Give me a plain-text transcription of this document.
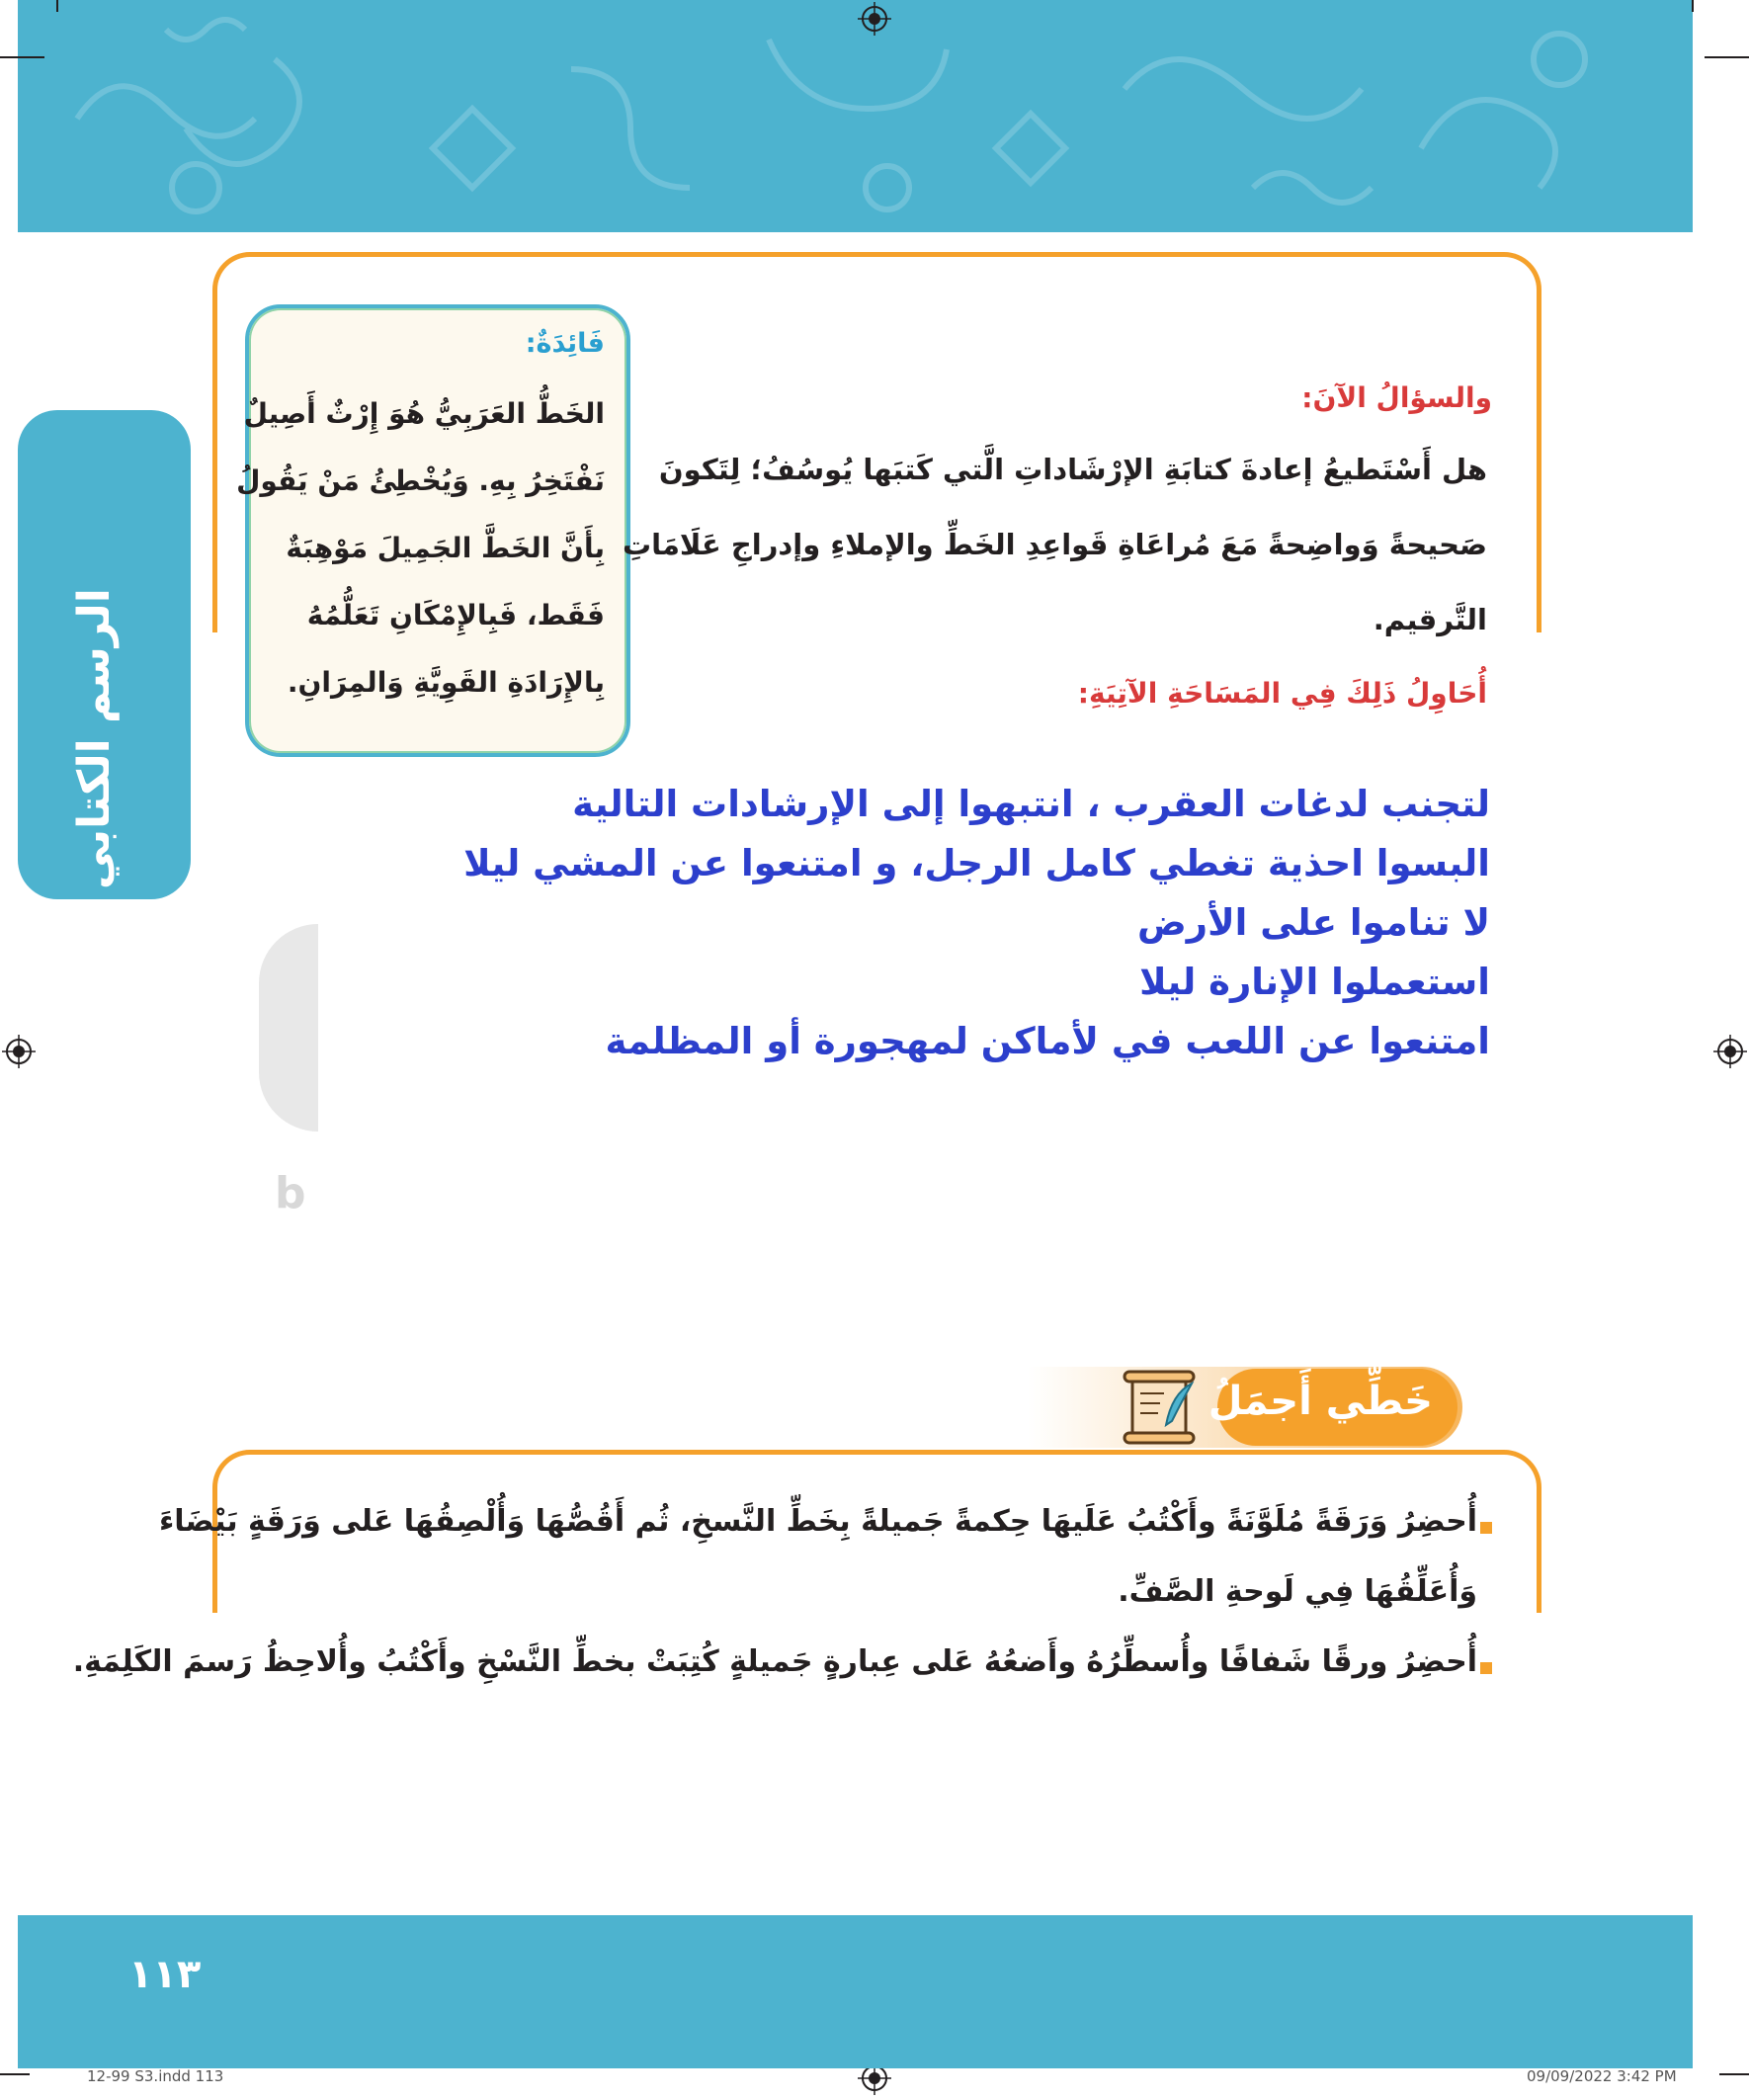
الرسم الكتابي
فَائِدَةٌ:
الخَطُّ العَرَبِيُّ هُوَ إِرْثٌ أَصِيلٌ
نَفْتَخِرُ بِهِ. وَيُخْطِئُ مَنْ يَقُولُ
بِأَنَّ الخَطَّ الجَمِيلَ مَوْهِبَةٌ
فَقَط، فَبِالإِمْكَانِ تَعَلُّمُهُ
بِالإِرَادَةِ القَوِيَّةِ وَالمِرَانِ.
والسؤالُ الآنَ:
هل أَسْتَطيعُ إعادةَ كتابَةِ الإرْشَاداتِ الَّتي كَتبَها يُوسُفُ؛ لِتَكونَ
صَحيحةً وَواضِحةً مَعَ مُراعَاةِ قَواعِدِ الخَطِّ والإملاءِ وإدراجِ عَلَامَاتِ
التَّرقيم.
أُحَاوِلُ ذَلِكَ فِي المَسَاحَةِ الآتِيَةِ:
لتجنب لدغات العقرب ، انتبهوا إلى الإرشادات التالية
البسوا احذية تغطي كامل الرجل، و امتنعوا عن المشي ليلا
لا تناموا على الأرض
استعملوا الإنارة ليلا
امتنعوا عن اللعب في لأماكن لمهجورة أو المظلمة
b
خَطِّي أَجمَلُ
أُحضِرُ وَرَقَةً مُلَوَّنَةً وأَكْتُبُ عَلَيهَا حِكمةً جَميلةً بِخَطِّ النَّسخِ، ثُم أَقُصُّهَا وَأُلْصِقُهَا عَلى وَرَقَةٍ بَيْضَاءَ
وَأُعَلِّقُهَا فِي لَوحةِ الصَّفِّ.
أُحضِرُ ورقًا شَفافًا وأُسطِّرُهُ وأَضعُهُ عَلى عِبارةٍ جَميلةٍ كُتِبَتْ بخطِّ النَّسْخِ وأَكْتُبُ وأُلاحِظُ رَسمَ الكَلِمَةِ.
١١٣
12-99 S3.indd 113	09/09/2022 3:42 PM
